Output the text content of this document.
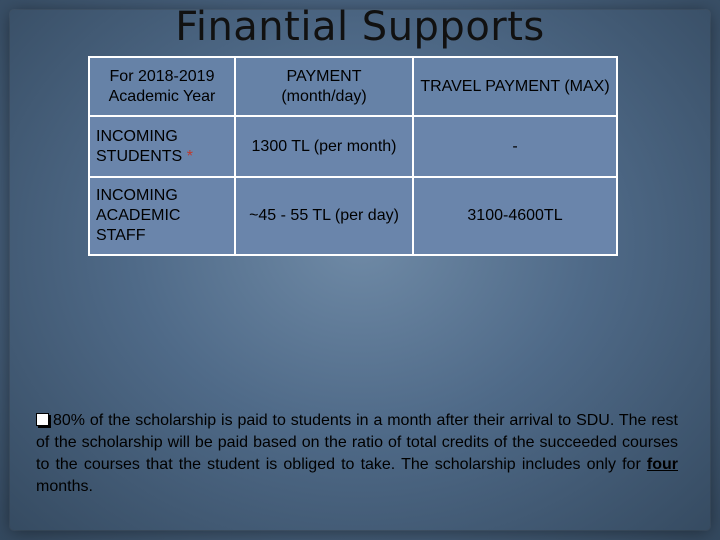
Finantial Supports
For 2018-2019 Academic Year	PAYMENT (month/day)	TRAVEL PAYMENT (MAX)
INCOMING STUDENTS *	1300 TL (per month)	-
INCOMING ACADEMIC STAFF	~45 - 55 TL (per day)	3100-4600TL
80% of the scholarship is paid to students in a month after their arrival to SDU. The rest of the scholarship will be paid based on the ratio of total credits of the succeeded courses to the courses that the student is obliged to take. The scholarship includes only for four months.
